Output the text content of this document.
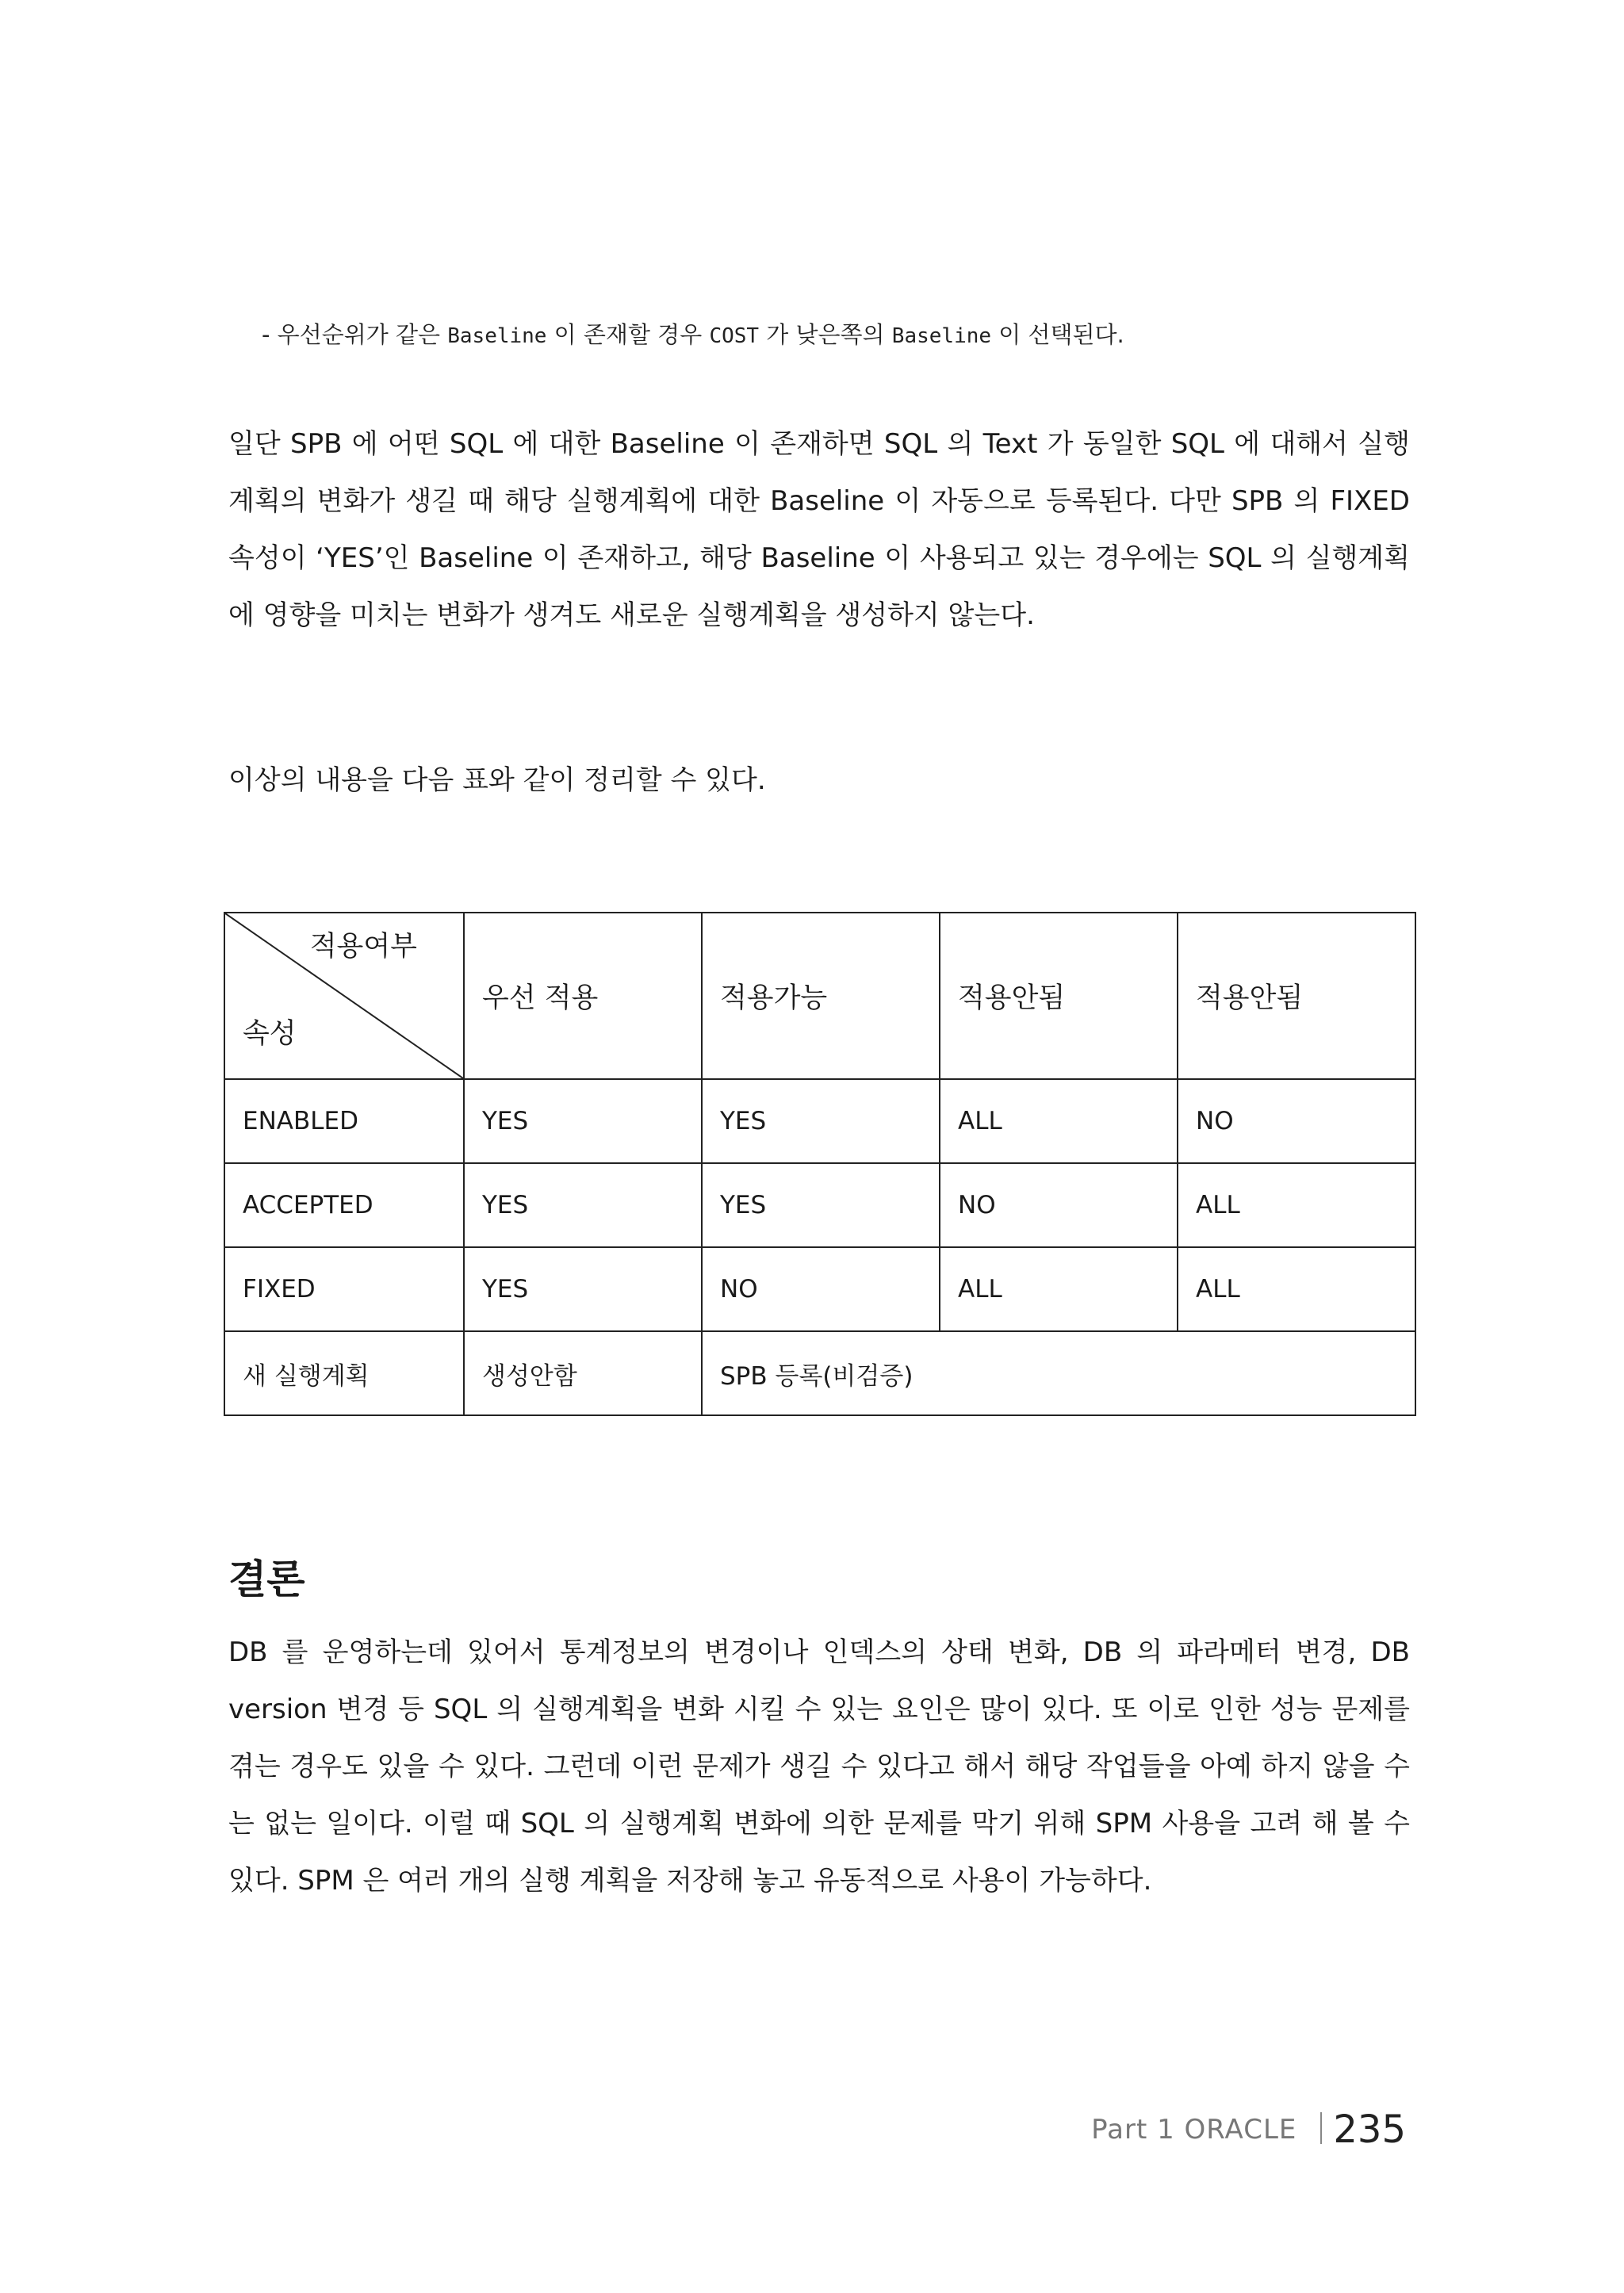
- 우선순위가 같은 Baseline 이 존재할 경우 COST 가 낮은쪽의 Baseline 이 선택된다.

일단 SPB 에 어떤 SQL 에 대한 Baseline 이 존재하면 SQL 의 Text 가 동일한 SQL 에 대해서 실행계획의 변화가 생길 때 해당 실행계획에 대한 Baseline 이 자동으로 등록된다. 다만 SPB 의 FIXED 속성이 ‘YES’인 Baseline 이 존재하고, 해당 Baseline 이 사용되고 있는 경우에는 SQL 의 실행계획에 영향을 미치는 변화가 생겨도 새로운 실행계획을 생성하지 않는다.

이상의 내용을 다음 표와 같이 정리할 수 있다.

적용여부
속성	우선 적용	적용가능	적용안됨	적용안됨
ENABLED	YES	YES	ALL	NO
ACCEPTED	YES	YES	NO	ALL
FIXED	YES	NO	ALL	ALL
새 실행계획	생성안함	SPB 등록(비검증)		
결론

DB 를 운영하는데 있어서 통계정보의 변경이나 인덱스의 상태 변화, DB 의 파라메터 변경, DB version 변경 등 SQL 의 실행계획을 변화 시킬 수 있는 요인은 많이 있다. 또 이로 인한 성능 문제를 겪는 경우도 있을 수 있다. 그런데 이런 문제가 생길 수 있다고 해서 해당 작업들을 아예 하지 않을 수는 없는 일이다. 이럴 때 SQL 의 실행계획 변화에 의한 문제를 막기 위해 SPM 사용을 고려 해 볼 수 있다. SPM 은 여러 개의 실행 계획을 저장해 놓고 유동적으로 사용이 가능하다.

Part 1 ORACLE 235
